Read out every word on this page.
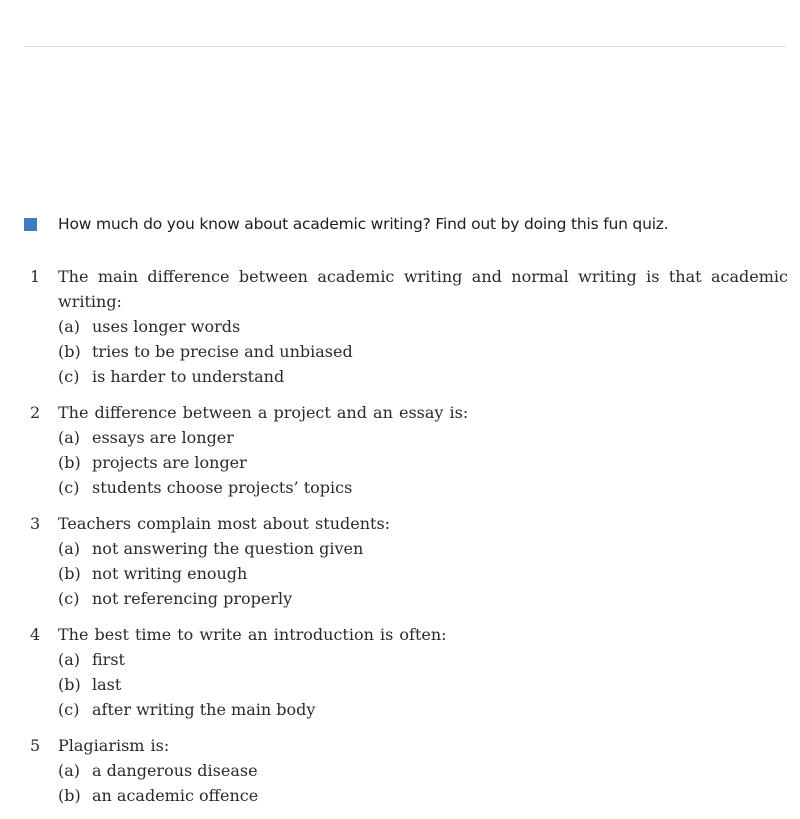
How much do you know about academic writing? Find out by doing this fun quiz.
1	The main difference between academic writing and normal writing is that academic writing:
(a) uses longer words
(b) tries to be precise and unbiased
(c) is harder to understand
2	The difference between a project and an essay is:
(a) essays are longer
(b) projects are longer
(c) students choose projects’ topics
3	Teachers complain most about students:
(a) not answering the question given
(b) not writing enough
(c) not referencing properly
4	The best time to write an introduction is often:
(a) first
(b) last
(c) after writing the main body
5	Plagiarism is:
(a) a dangerous disease
(b) an academic offence
